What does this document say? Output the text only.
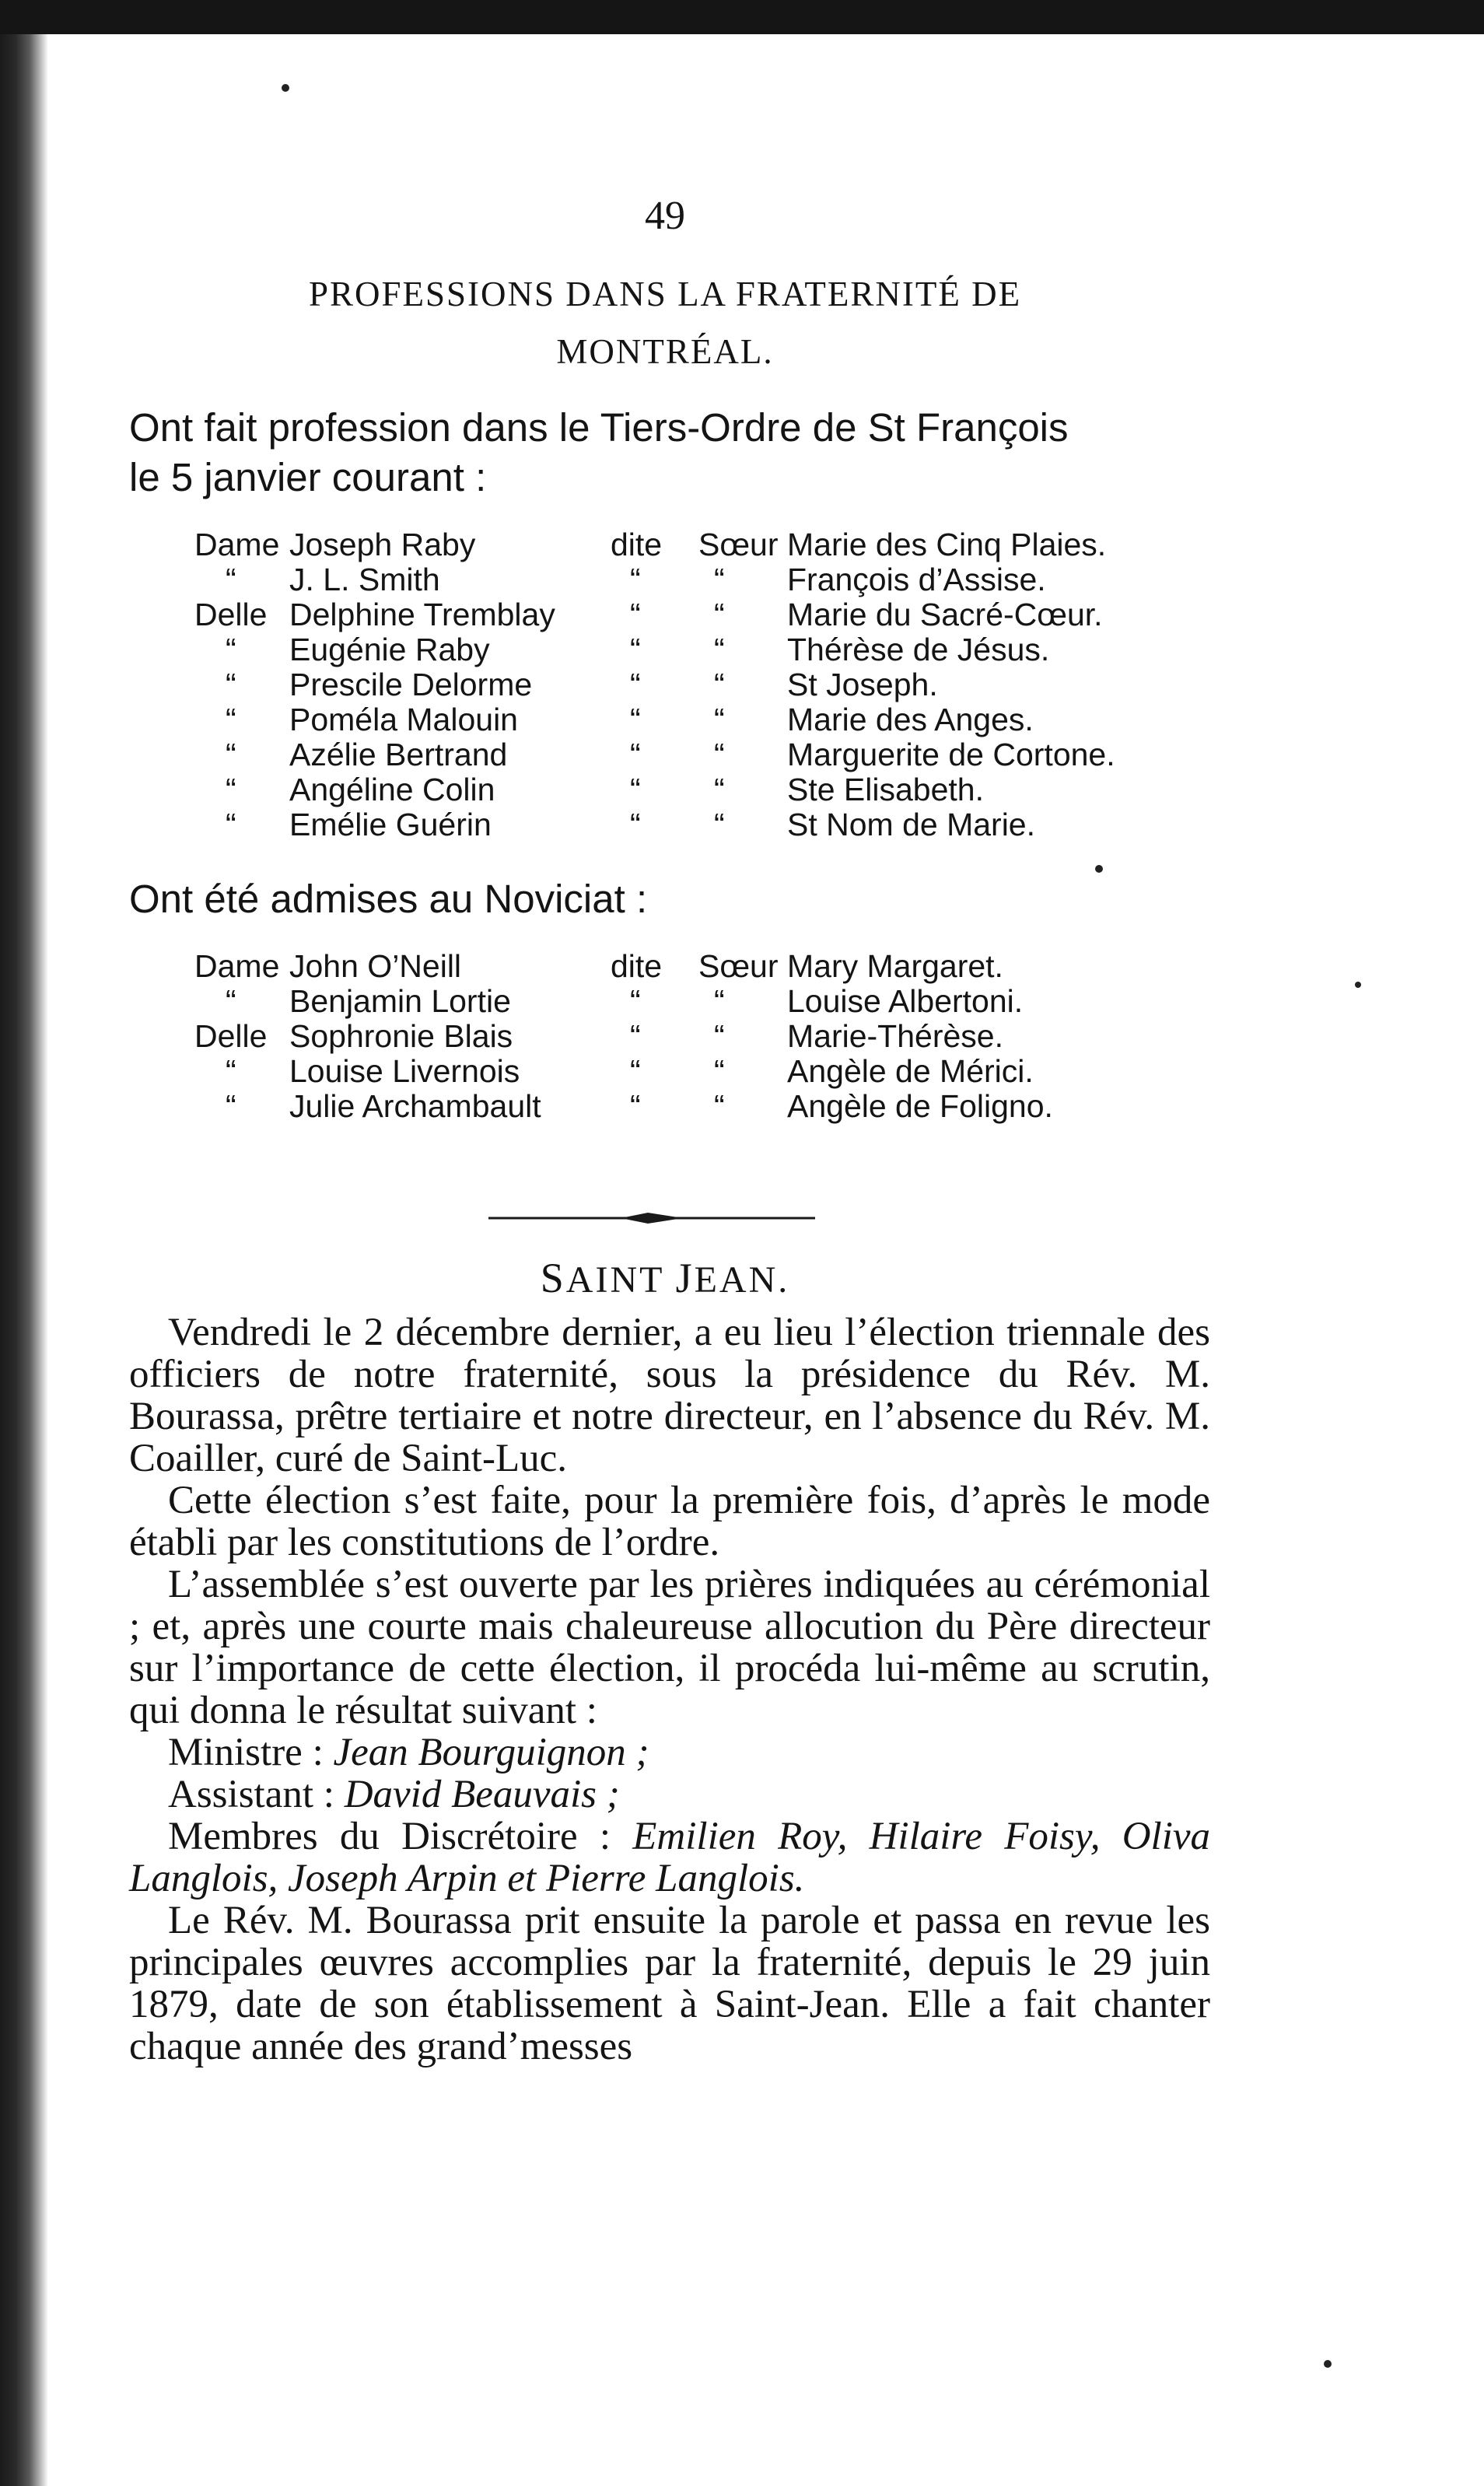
49
PROFESSIONS DANS LA FRATERNITÉ DE
MONTRÉAL.
Ont fait profession dans le Tiers-Ordre de St François
le 5 janvier courant :
Dame Joseph Raby	dite Sœur Marie des Cinq Plaies.
“ J. L. Smith	“ “ François d’Assise.
Delle Delphine Tremblay “ “ Marie du Sacré-Cœur.
“ Eugénie Raby	“ “ Thérèse de Jésus.
“ Prescile Delorme	“ “ St Joseph.
“ Poméla Malouin	“ “ Marie des Anges.
“ Azélie Bertrand	“ “ Marguerite de Cortone.
“ Angéline Colin	“ “ Ste Elisabeth.
“ Emélie Guérin	“ “ St Nom de Marie.
Ont été admises au Noviciat :
Dame John O’Neill	dite Sœur Mary Margaret.
“ Benjamin Lortie	“ “ Louise Albertoni.
Delle Sophronie Blais	“ “ Marie-Thérèse.
“ Louise Livernois	“ “ Angèle de Mérici.
“ Julie Archambault	“ “ Angèle de Foligno.
SAINT JEAN.

Vendredi le 2 décembre dernier, a eu lieu l’élection triennale des officiers de notre fraternité, sous la présidence du Rév. M. Bourassa, prêtre tertiaire et notre directeur, en l’absence du Rév. M. Coailler, curé de Saint-Luc.

Cette élection s’est faite, pour la première fois, d’après le mode établi par les constitutions de l’ordre.

L’assemblée s’est ouverte par les prières indiquées au cérémonial ; et, après une courte mais chaleureuse allocution du Père directeur sur l’importance de cette élection, il procéda lui-même au scrutin, qui donna le résultat suivant :

Ministre : Jean Bourguignon ;

Assistant : David Beauvais ;

Membres du Discrétoire : Emilien Roy, Hilaire Foisy, Oliva Langlois, Joseph Arpin et Pierre Langlois.

Le Rév. M. Bourassa prit ensuite la parole et passa en revue les principales œuvres accomplies par la fraternité, depuis le 29 juin 1879, date de son établissement à Saint-Jean. Elle a fait chanter chaque année des grand’messes
